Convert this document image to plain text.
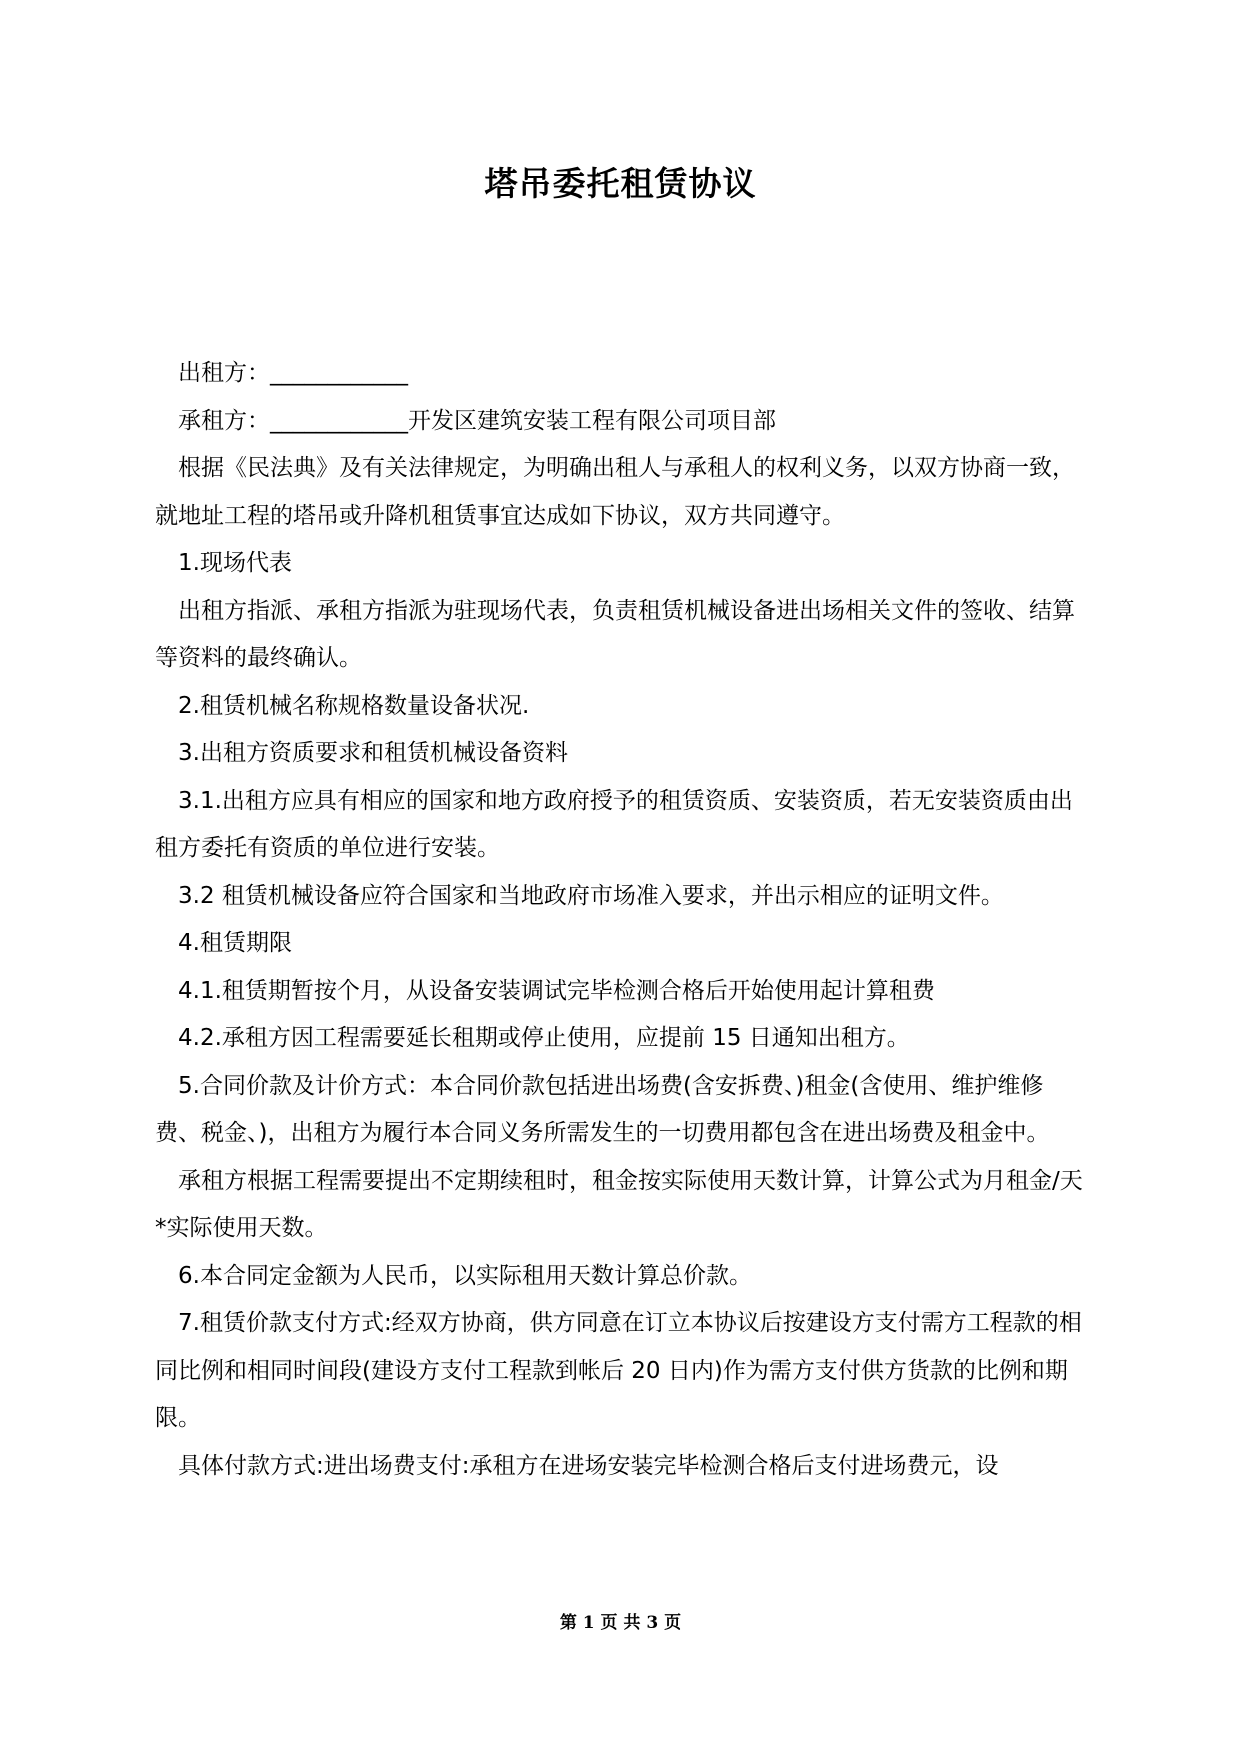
塔吊委托租赁协议

出租方：____________

承租方：____________开发区建筑安装工程有限公司项目部

根据《民法典》及有关法律规定，为明确出租人与承租人的权利义务，以双方协商一致，就地址工程的塔吊或升降机租赁事宜达成如下协议，双方共同遵守。

1.现场代表

出租方指派、承租方指派为驻现场代表，负责租赁机械设备进出场相关文件的签收、结算等资料的最终确认。

2.租赁机械名称规格数量设备状况.

3.出租方资质要求和租赁机械设备资料

3.1.出租方应具有相应的国家和地方政府授予的租赁资质、安装资质，若无安装资质由出租方委托有资质的单位进行安装。

3.2 租赁机械设备应符合国家和当地政府市场准入要求，并出示相应的证明文件。

4.租赁期限

4.1.租赁期暂按个月，从设备安装调试完毕检测合格后开始使用起计算租费

4.2.承租方因工程需要延长租期或停止使用，应提前 15 日通知出租方。

5.合同价款及计价方式：本合同价款包括进出场费(含安拆费、)租金(含使用、维护维修费、税金、)，出租方为履行本合同义务所需发生的一切费用都包含在进出场费及租金中。

承租方根据工程需要提出不定期续租时，租金按实际使用天数计算，计算公式为月租金/天*实际使用天数。

6.本合同定金额为人民币，以实际租用天数计算总价款。

7.租赁价款支付方式:经双方协商，供方同意在订立本协议后按建设方支付需方工程款的相同比例和相同时间段(建设方支付工程款到帐后 20 日内)作为需方支付供方货款的比例和期限。

具体付款方式:进出场费支付:承租方在进场安装完毕检测合格后支付进场费元，设

第 1 页 共 3 页
